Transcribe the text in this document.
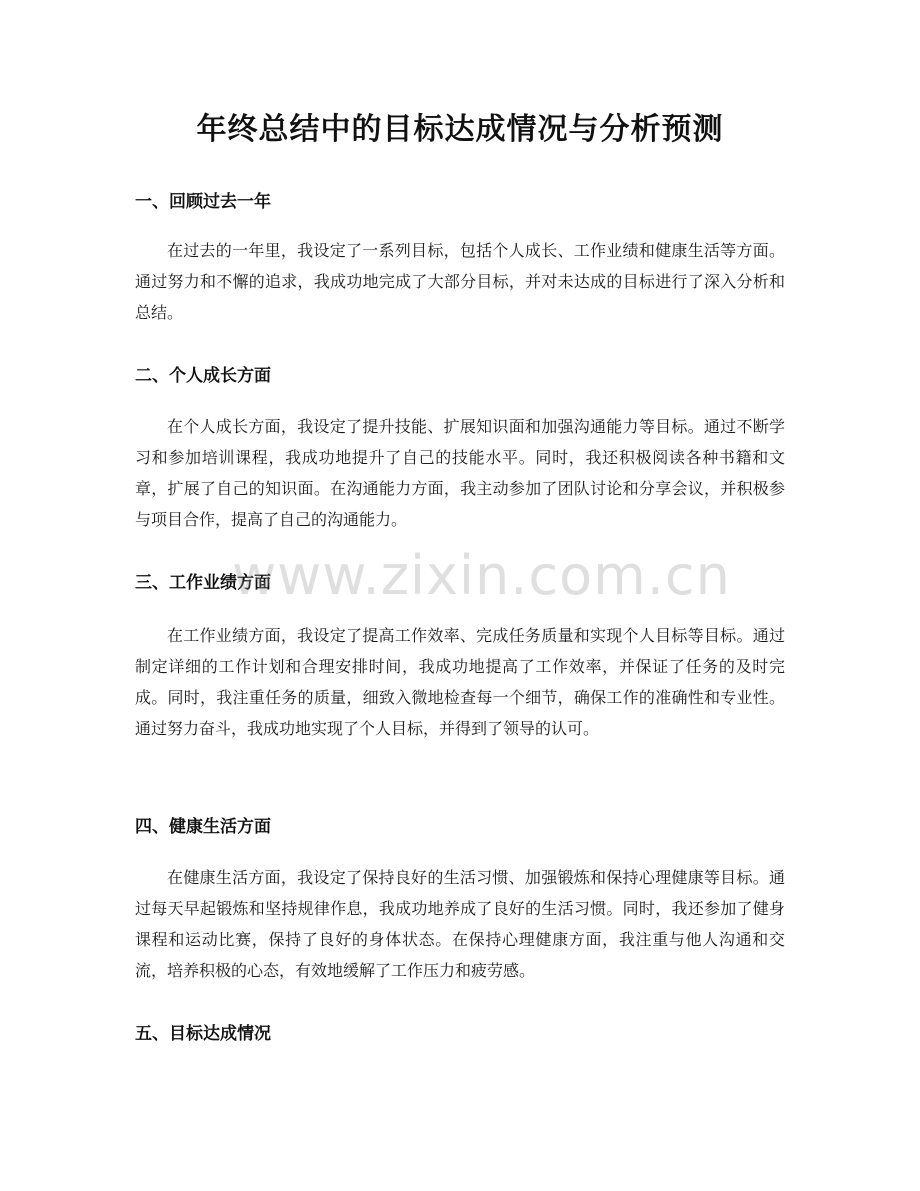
年终总结中的目标达成情况与分析预测
一、回顾过去一年
在过去的一年里，我设定了一系列目标，包括个人成长、工作业绩和健康生活等方面。通过努力和不懈的追求，我成功地完成了大部分目标，并对未达成的目标进行了深入分析和总结。
二、个人成长方面
在个人成长方面，我设定了提升技能、扩展知识面和加强沟通能力等目标。通过不断学习和参加培训课程，我成功地提升了自己的技能水平。同时，我还积极阅读各种书籍和文章，扩展了自己的知识面。在沟通能力方面，我主动参加了团队讨论和分享会议，并积极参与项目合作，提高了自己的沟通能力。
三、工作业绩方面
在工作业绩方面，我设定了提高工作效率、完成任务质量和实现个人目标等目标。通过制定详细的工作计划和合理安排时间，我成功地提高了工作效率，并保证了任务的及时完成。同时，我注重任务的质量，细致入微地检查每一个细节，确保工作的准确性和专业性。通过努力奋斗，我成功地实现了个人目标，并得到了领导的认可。
四、健康生活方面
在健康生活方面，我设定了保持良好的生活习惯、加强锻炼和保持心理健康等目标。通过每天早起锻炼和坚持规律作息，我成功地养成了良好的生活习惯。同时，我还参加了健身课程和运动比赛，保持了良好的身体状态。在保持心理健康方面，我注重与他人沟通和交流，培养积极的心态，有效地缓解了工作压力和疲劳感。
五、目标达成情况
www.zixin.com.cn
